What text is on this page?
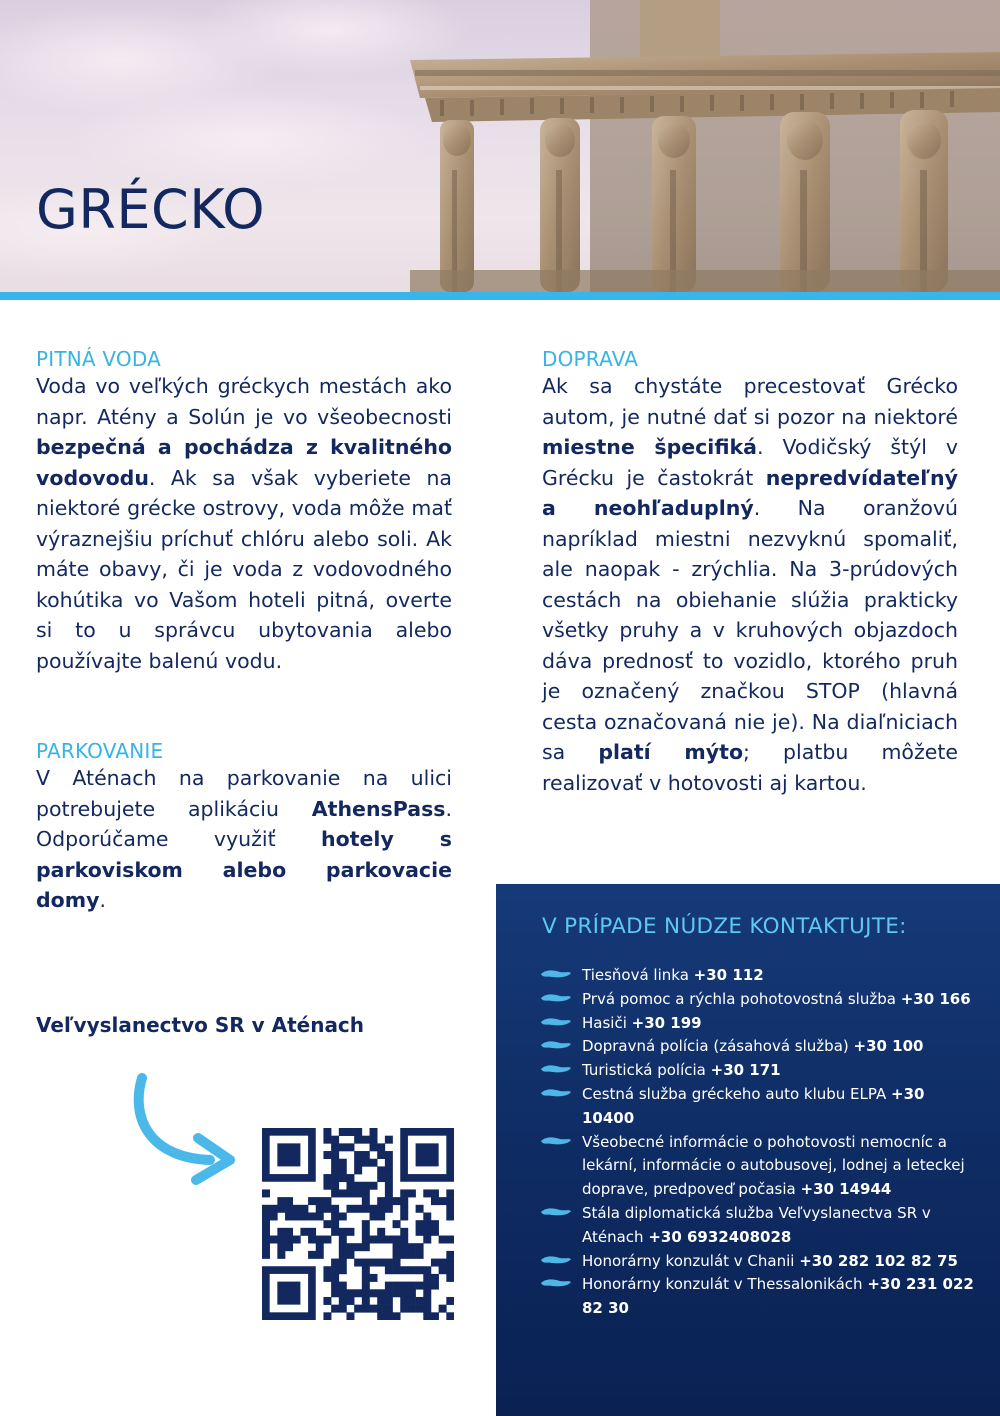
GRÉCKO
PITNÁ VODA

Voda vo veľkých gréckych mestách ako napr. Atény a Solún je vo všeobecnosti bezpečná a pochádza z kvalitného vodovodu. Ak sa však vyberiete na niektoré grécke ostrovy, voda môže mať výraznejšiu príchuť chlóru alebo soli. Ak máte obavy, či je voda z vodovodného kohútika vo Vašom hoteli pitná, overte si to u správcu ubytovania alebo používajte balenú vodu.

PARKOVANIE

V Aténach na parkovanie na ulici potrebujete aplikáciu AthensPass. Odporúčame využiť hotely s parkoviskom alebo parkovacie domy.

DOPRAVA

Ak sa chystáte precestovať Grécko autom, je nutné dať si pozor na niektoré miestne špecifiká. Vodičský štýl v Grécku je častokrát nepredvídateľný a neohľaduplný. Na oranžovú napríklad miestni nezvyknú spomaliť, ale naopak - zrýchlia. Na 3-prúdových cestách na obiehanie slúžia prakticky všetky pruhy a v kruhových objazdoch dáva prednosť to vozidlo, ktorého pruh je označený značkou STOP (hlavná cesta označovaná nie je). Na diaľniciach sa platí mýto; platbu môžete realizovať v hotovosti aj kartou.

Veľvyslanectvo SR v Aténach
V PRÍPADE NÚDZE KONTAKTUJTE:
Tiesňová linka +30 112
Prvá pomoc a rýchla pohotovostná služba +30 166
Hasiči +30 199
Dopravná polícia (zásahová služba) +30 100
Turistická polícia +30 171
Cestná služba gréckeho auto klubu ELPA +30 10400
Všeobecné informácie o pohotovosti nemocníc a lekární, informácie o autobusovej, lodnej a leteckej doprave, predpoveď počasia +30 14944
Stála diplomatická služba Veľvyslanectva SR v Aténach +30 6932408028
Honorárny konzulát v Chanii +30 282 102 82 75
Honorárny konzulát v Thessalonikách +30 231 022 82 30
